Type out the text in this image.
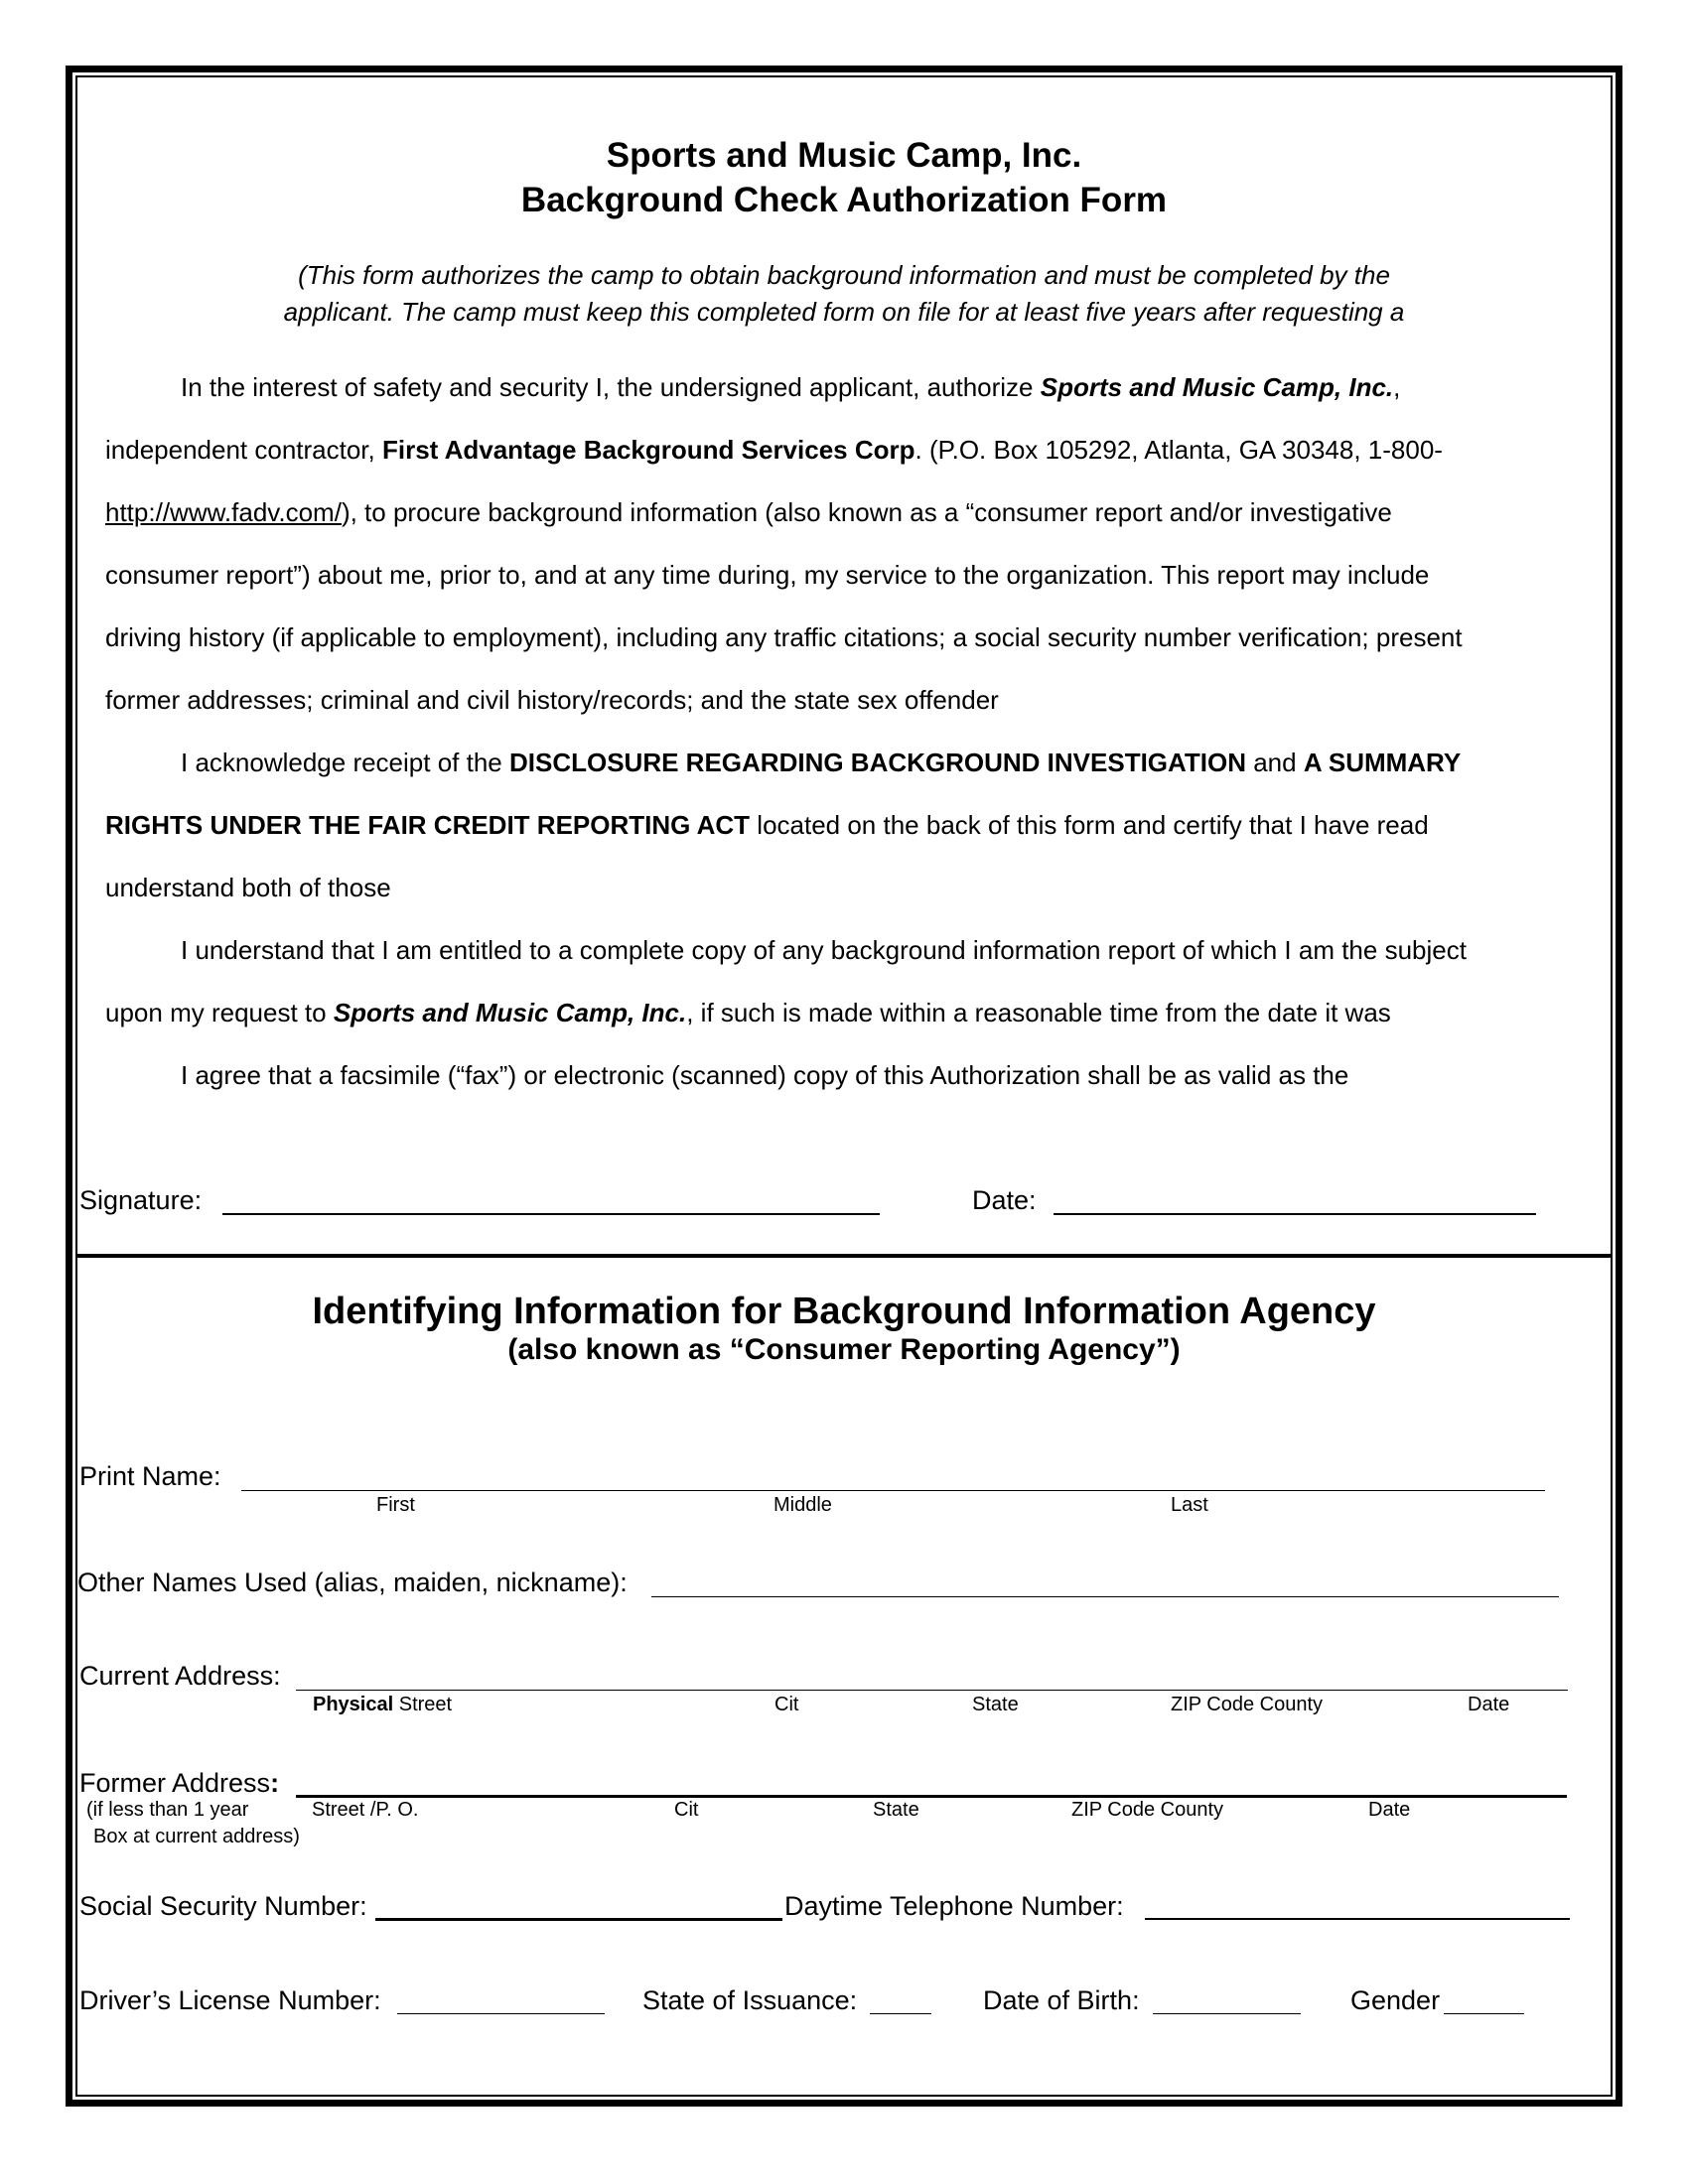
Sports and Music Camp, Inc.
Background Check Authorization Form
(This form authorizes the camp to obtain background information and must be completed by the
applicant. The camp must keep this completed form on file for at least five years after requesting a
In the interest of safety and security I, the undersigned applicant, authorize Sports and Music Camp, Inc.,
independent contractor, First Advantage Background Services Corp. (P.O. Box 105292, Atlanta, GA 30348, 1-800-
http://www.fadv.com/), to procure background information (also known as a “consumer report and/or investigative
consumer report”) about me, prior to, and at any time during, my service to the organization. This report may include
driving history (if applicable to employment), including any traffic citations; a social security number verification; present
former addresses; criminal and civil history/records; and the state sex offender
I acknowledge receipt of the DISCLOSURE REGARDING BACKGROUND INVESTIGATION and A SUMMARY
RIGHTS UNDER THE FAIR CREDIT REPORTING ACT located on the back of this form and certify that I have read
understand both of those
I understand that I am entitled to a complete copy of any background information report of which I am the subject
upon my request to Sports and Music Camp, Inc., if such is made within a reasonable time from the date it was
I agree that a facsimile (“fax”) or electronic (scanned) copy of this Authorization shall be as valid as the
Signature:	Date:
Identifying Information for Background Information Agency
(also known as “Consumer Reporting Agency”)
Print Name:
First	Middle	Last
Other Names Used (alias, maiden, nickname):
Current Address:
Physical Street	Cit	State	ZIP Code County	Date
Former Address:
(if less than 1 year
Box at current address)
Street /P. O.	Cit	State	ZIP Code County	Date
Social Security Number:	Daytime Telephone Number:
Driver’s License Number:	State of Issuance:	Date of Birth:	Gender
